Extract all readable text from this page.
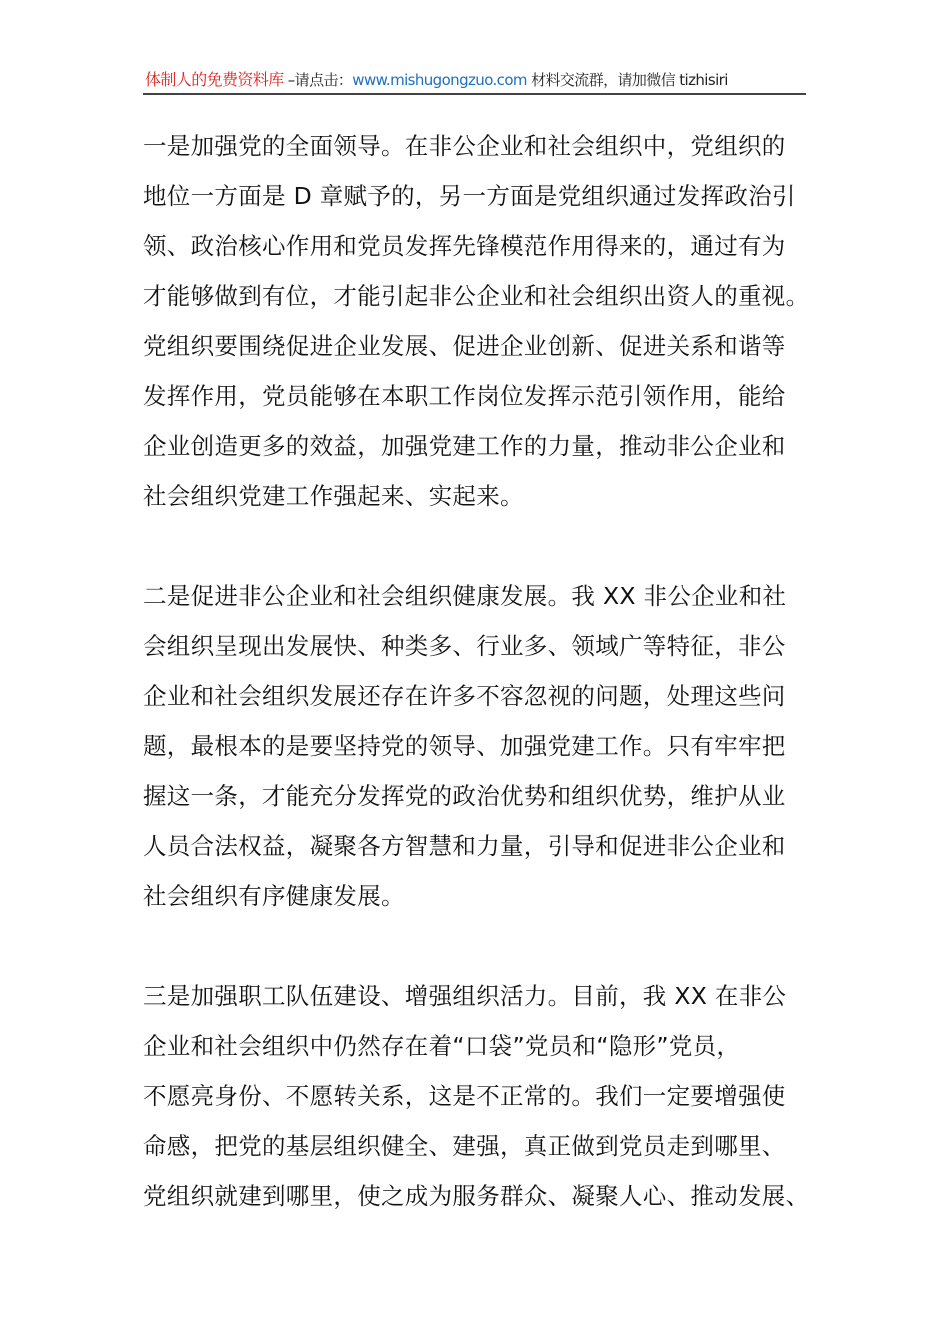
体制人的免费资料库 –请点击：www.mishugongzuo.com 材料交流群，请加微信 tizhisiri
一是加强党的全面领导。在非公企业和社会组织中，党组织的
地位一方面是 D 章赋予的，另一方面是党组织通过发挥政治引
领、政治核心作用和党员发挥先锋模范作用得来的，通过有为
才能够做到有位，才能引起非公企业和社会组织出资人的重视。
党组织要围绕促进企业发展、促进企业创新、促进关系和谐等
发挥作用，党员能够在本职工作岗位发挥示范引领作用，能给
企业创造更多的效益，加强党建工作的力量，推动非公企业和
社会组织党建工作强起来、实起来。
二是促进非公企业和社会组织健康发展。我 XX 非公企业和社
会组织呈现出发展快、种类多、行业多、领域广等特征，非公
企业和社会组织发展还存在许多不容忽视的问题，处理这些问
题，最根本的是要坚持党的领导、加强党建工作。只有牢牢把
握这一条，才能充分发挥党的政治优势和组织优势，维护从业
人员合法权益，凝聚各方智慧和力量，引导和促进非公企业和
社会组织有序健康发展。
三是加强职工队伍建设、增强组织活力。目前，我 XX 在非公
企业和社会组织中仍然存在着“口袋”党员和“隐形”党员，
不愿亮身份、不愿转关系，这是不正常的。我们一定要增强使
命感，把党的基层组织健全、建强，真正做到党员走到哪里、
党组织就建到哪里，使之成为服务群众、凝聚人心、推动发展、
